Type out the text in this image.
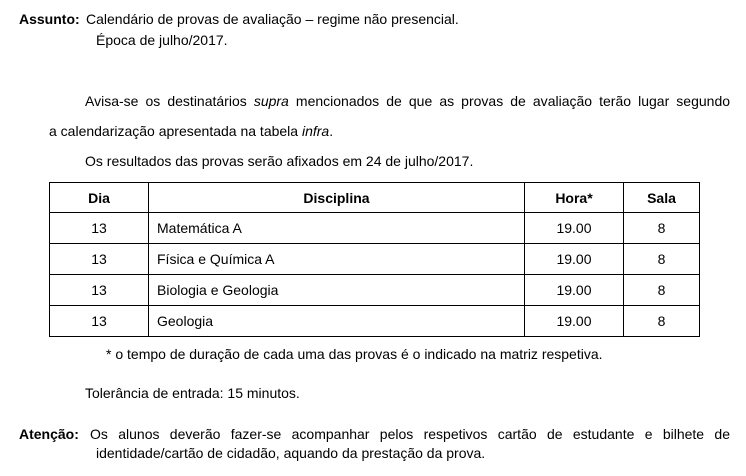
Assunto: Calendário de provas de avaliação – regime não presencial.
Época de julho/2017.
Avisa-se os destinatários supra mencionados de que as provas de avaliação terão lugar segundo
a calendarização apresentada na tabela infra.
Os resultados das provas serão afixados em 24 de julho/2017.
Dia	Disciplina	Hora*	Sala
13	Matemática A	19.00	8
13	Física e Química A	19.00	8
13	Biologia e Geologia	19.00	8
13	Geologia	19.00	8
* o tempo de duração de cada uma das provas é o indicado na matriz respetiva.
Tolerância de entrada: 15 minutos.
Atenção: Os alunos deverão fazer-se acompanhar pelos respetivos cartão de estudante e bilhete de
identidade/cartão de cidadão, aquando da prestação da prova.
